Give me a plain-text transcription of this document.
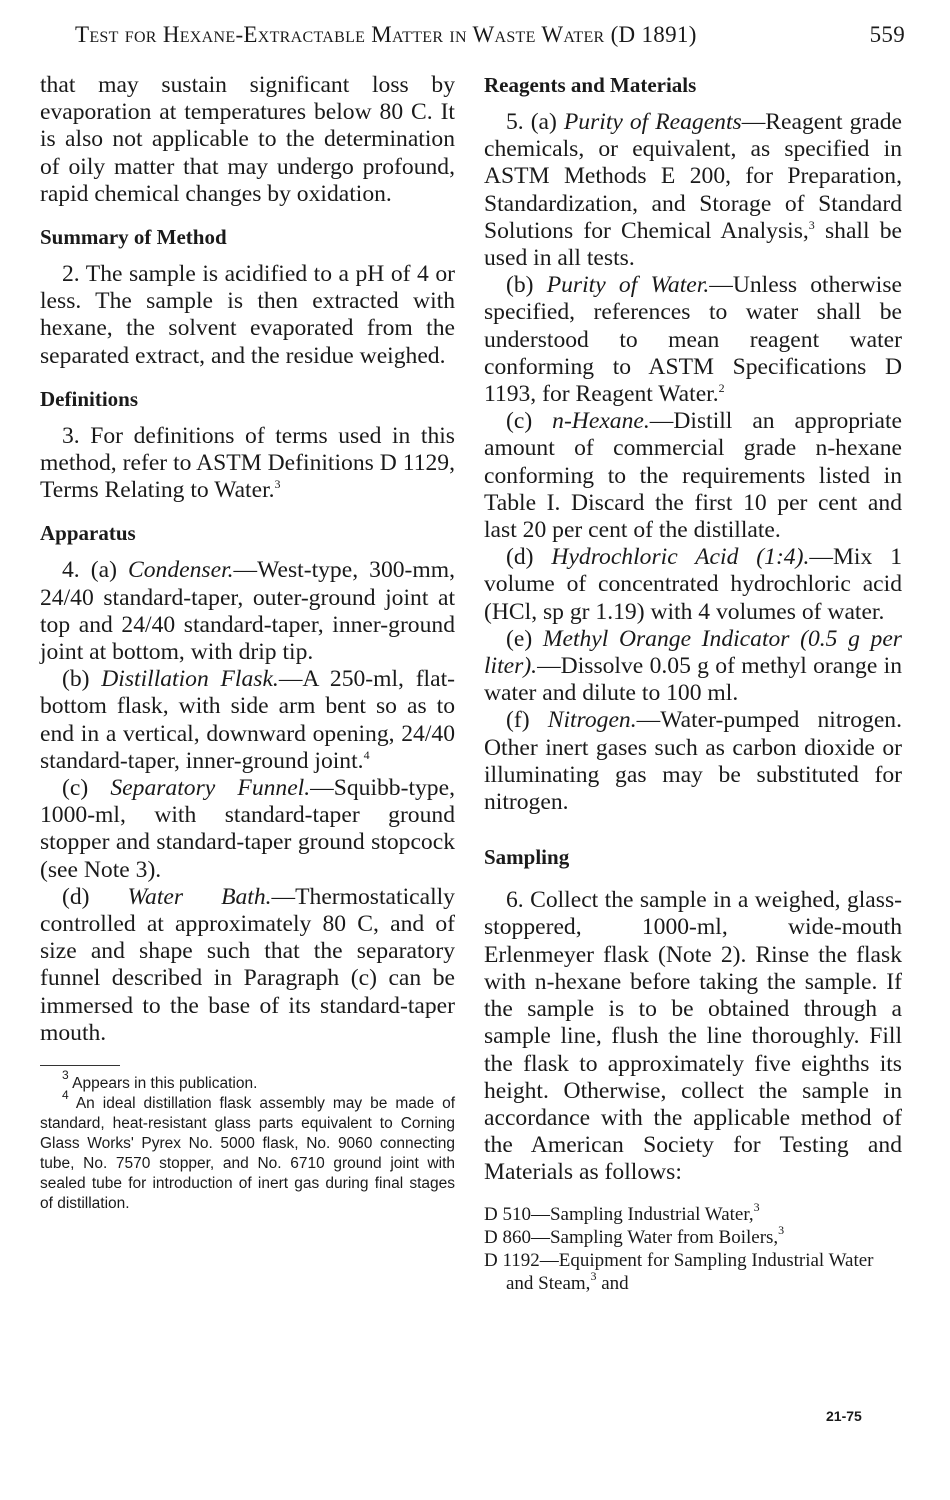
Test for Hexane-Extractable Matter in Waste Water (D 1891)	559

that may sustain significant loss by evaporation at temperatures below 80 C. It is also not applicable to the determination of oily matter that may undergo profound, rapid chemical changes by oxidation.

Summary of Method

2. The sample is acidified to a pH of 4 or less. The sample is then extracted with hexane, the solvent evaporated from the separated extract, and the residue weighed.

Definitions

3. For definitions of terms used in this method, refer to ASTM Definitions D 1129, Terms Relating to Water.$^3$

Apparatus

4. (a) Condenser.—West-type, 300-mm, 24/40 standard-taper, outer-ground joint at top and 24/40 standard-taper, inner-ground joint at bottom, with drip tip.

(b) Distillation Flask.—A 250-ml, flat-bottom flask, with side arm bent so as to end in a vertical, downward opening, 24/40 standard-taper, inner-ground joint.$^4$

(c) Separatory Funnel.—Squibb-type, 1000-ml, with standard-taper ground stopper and standard-taper ground stopcock (see Note 3).

(d) Water Bath.—Thermostatically controlled at approximately 80 C, and of size and shape such that the separatory funnel described in Paragraph (c) can be immersed to the base of its standard-taper mouth.

$^3$ Appears in this publication.

$^4$ An ideal distillation flask assembly may be made of standard, heat-resistant glass parts equivalent to Corning Glass Works' Pyrex No. 5000 flask, No. 9060 connecting tube, No. 7570 stopper, and No. 6710 ground joint with sealed tube for introduction of inert gas during final stages of distillation.

Reagents and Materials

5. (a) Purity of Reagents—Reagent grade chemicals, or equivalent, as specified in ASTM Methods E 200, for Preparation, Standardization, and Storage of Standard Solutions for Chemical Analysis,$^3$ shall be used in all tests.

(b) Purity of Water.—Unless otherwise specified, references to water shall be understood to mean reagent water conforming to ASTM Specifications D 1193, for Reagent Water.$^2$

(c) n-Hexane.—Distill an appropriate amount of commercial grade n-hexane conforming to the requirements listed in Table I. Discard the first 10 per cent and last 20 per cent of the distillate.

(d) Hydrochloric Acid (1:4).—Mix 1 volume of concentrated hydrochloric acid (HCl, sp gr 1.19) with 4 volumes of water.

(e) Methyl Orange Indicator (0.5 g per liter).—Dissolve 0.05 g of methyl orange in water and dilute to 100 ml.

(f) Nitrogen.—Water-pumped nitrogen. Other inert gases such as carbon dioxide or illuminating gas may be substituted for nitrogen.

Sampling

6. Collect the sample in a weighed, glass-stoppered, 1000-ml, wide-mouth Erlenmeyer flask (Note 2). Rinse the flask with n-hexane before taking the sample. If the sample is to be obtained through a sample line, flush the line thoroughly. Fill the flask to approximately five eighths its height. Otherwise, collect the sample in accordance with the applicable method of the American Society for Testing and Materials as follows:

D 510—Sampling Industrial Water,$^3$
D 860—Sampling Water from Boilers,$^3$
D 1192—Equipment for Sampling Industrial Water and Steam,$^3$ and
21-75
